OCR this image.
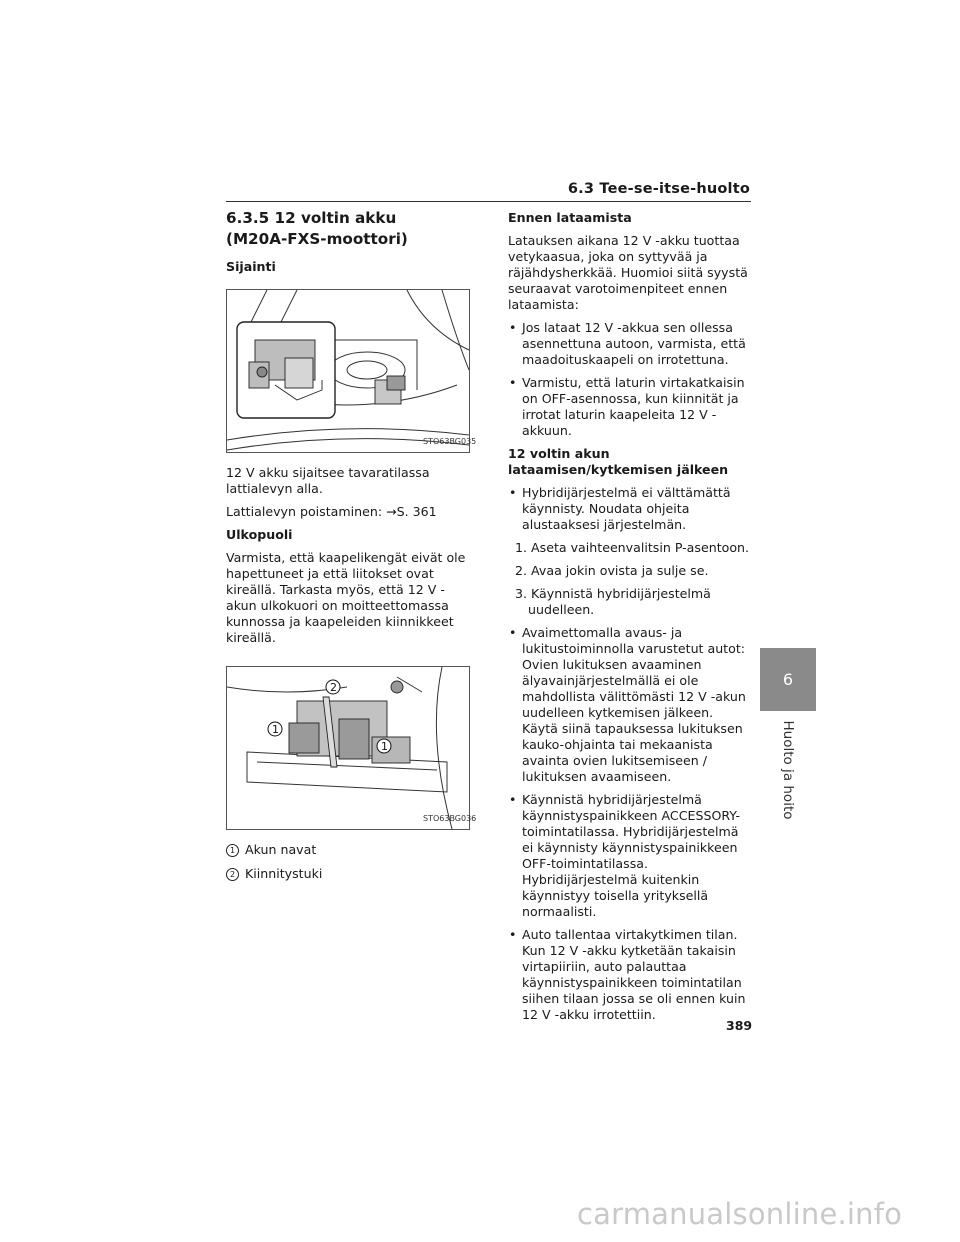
6.3 Tee-se-itse-huolto
6
Huolto ja hoito
6.3.5 12 voltin akku
(M20A-FXS-moottori)

Sijainti

STO63BG035

12 V akku sijaitsee tavaratilassa lattialevyn alla.

Lattialevyn poistaminen: →S. 361

Ulkopuoli

Varmista, että kaapelikengät eivät ole hapettuneet ja että liitokset ovat kireällä. Tarkasta myös, että 12 V -akun ulkokuori on moitteettomassa kunnossa ja kaapeleiden kiinnikkeet kireällä.

1
2
1
STO63BG036
1 Akun navat
2 Kiinnitystuki

Ennen lataamista

Latauksen aikana 12 V -akku tuottaa vetykaasua, joka on syttyvää ja räjähdysherkkää. Huomioi siitä syystä seuraavat varotoimenpiteet ennen lataamista:

• Jos lataat 12 V -akkua sen ollessa asennettuna autoon, varmista, että maadoituskaapeli on irrotettuna.

• Varmistu, että laturin virtakatkaisin on OFF-asennossa, kun kiinnität ja irrotat laturin kaapeleita 12 V -akkuun.

12 voltin akun lataamisen/kytkemisen jälkeen

• Hybridijärjestelmä ei välttämättä käynnisty. Noudata ohjeita alustaaksesi järjestelmän.

1. Aseta vaihteenvalitsin P-asentoon.

2. Avaa jokin ovista ja sulje se.

3. Käynnistä hybridijärjestelmä uudelleen.

• Avaimettomalla avaus- ja lukitustoiminnolla varustetut autot: Ovien lukituksen avaaminen älyavainjärjestelmällä ei ole mahdollista välittömästi 12 V -akun uudelleen kytkemisen jälkeen. Käytä siinä tapauksessa lukituksen kauko-ohjainta tai mekaanista avainta ovien lukitsemiseen / lukituksen avaamiseen.

• Käynnistä hybridijärjestelmä käynnistyspainikkeen ACCESSORY-toimintatilassa. Hybridijärjestelmä ei käynnisty käynnistyspainikkeen OFF-toimintatilassa. Hybridijärjestelmä kuitenkin käynnistyy toisella yrityksellä normaalisti.

• Auto tallentaa virtakytkimen tilan. Kun 12 V -akku kytketään takaisin virtapiiriin, auto palauttaa käynnistyspainikkeen toimintatilan siihen tilaan jossa se oli ennen kuin 12 V -akku irrotettiin.

389
carmanualsonline.info
